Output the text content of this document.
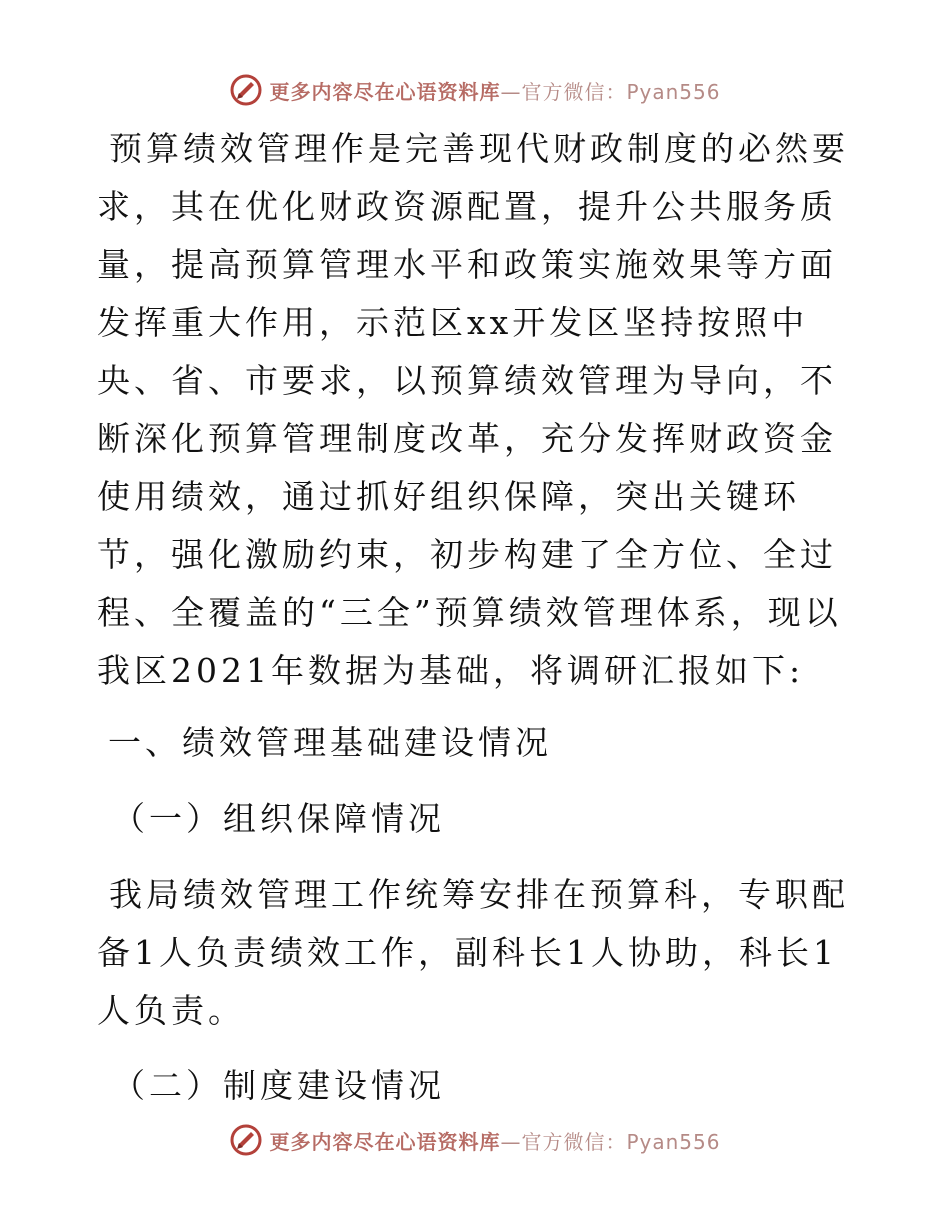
更多内容尽在心语资料库—官方微信：Pyan556

预算绩效管理作是完善现代财政制度的必然要求，其在优化财政资源配置，提升公共服务质量，提高预算管理水平和政策实施效果等方面发挥重大作用，示范区xx开发区坚持按照中央、省、市要求，以预算绩效管理为导向，不断深化预算管理制度改革，充分发挥财政资金使用绩效，通过抓好组织保障，突出关键环节，强化激励约束，初步构建了全方位、全过程、全覆盖的“三全”预算绩效管理体系，现以我区2021年数据为基础，将调研汇报如下:

一、绩效管理基础建设情况
（一）组织保障情况

我局绩效管理工作统筹安排在预算科，专职配备1人负责绩效工作，副科长1人协助，科长1人负责。

（二）制度建设情况
更多内容尽在心语资料库—官方微信：Pyan556
